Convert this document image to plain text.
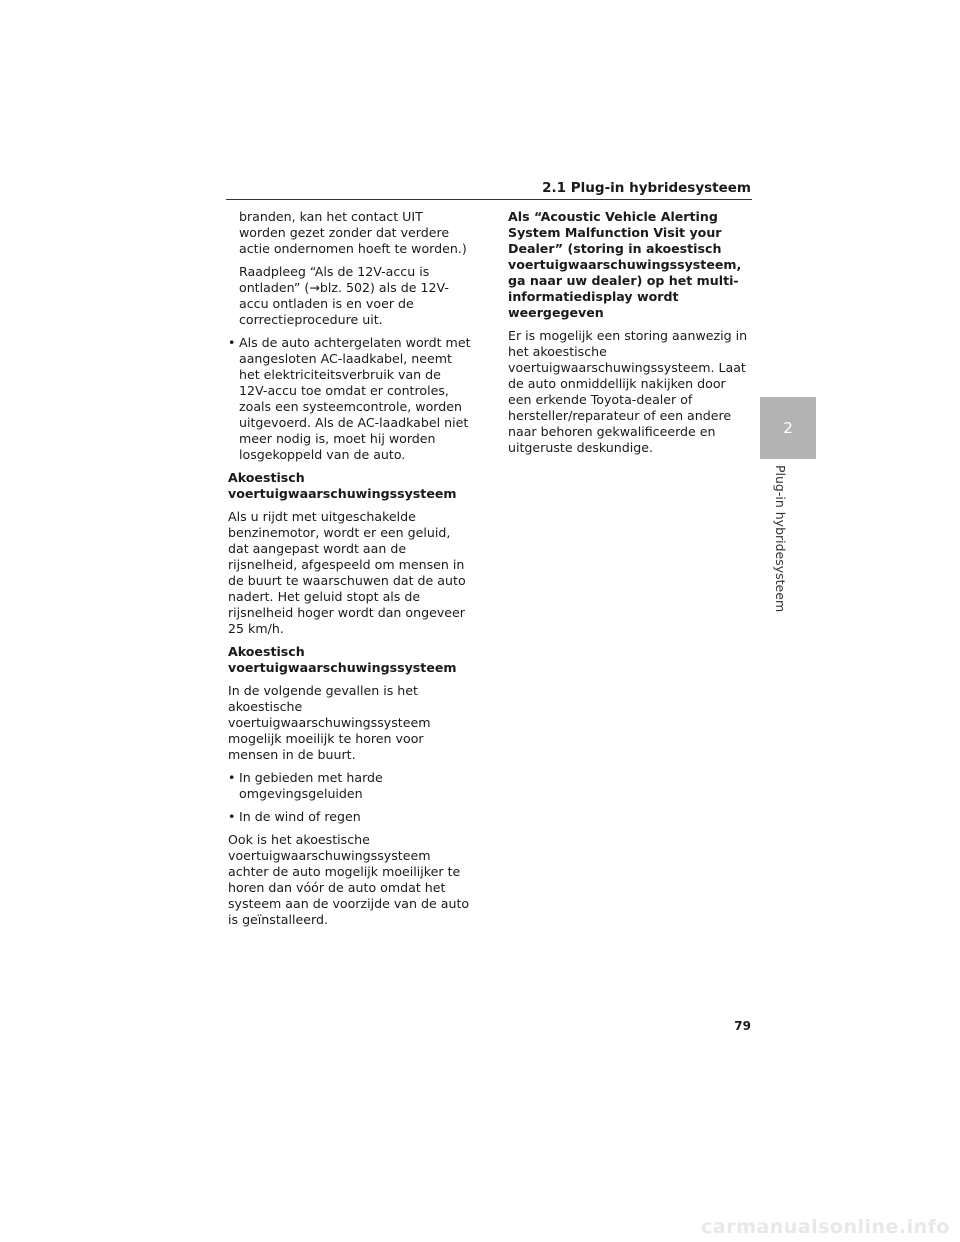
2.1 Plug-in hybridesysteem

branden, kan het contact UIT worden gezet zonder dat verdere actie ondernomen hoeft te worden.)

Raadpleeg “Als de 12V-accu is ontladen” (→blz. 502) als de 12V-accu ontladen is en voer de correctieprocedure uit.

• Als de auto achtergelaten wordt met aangesloten AC-laadkabel, neemt het elektriciteitsverbruik van de 12V-accu toe omdat er controles, zoals een systeemcontrole, worden uitgevoerd. Als de AC-laadkabel niet meer nodig is, moet hij worden losgekoppeld van de auto.

Akoestisch voertuigwaarschuwingssysteem

Als u rijdt met uitgeschakelde benzinemotor, wordt er een geluid, dat aangepast wordt aan de rijsnelheid, afgespeeld om mensen in de buurt te waarschuwen dat de auto nadert. Het geluid stopt als de rijsnelheid hoger wordt dan ongeveer 25 km/h.

Akoestisch voertuigwaarschuwingssysteem

In de volgende gevallen is het akoestische voertuigwaarschuwingssysteem mogelijk moeilijk te horen voor mensen in de buurt.

• In gebieden met harde omgevingsgeluiden
• In de wind of regen

Ook is het akoestische voertuigwaarschuwingssysteem achter de auto mogelijk moeilijker te horen dan vóór de auto omdat het systeem aan de voorzijde van de auto is geïnstalleerd.

Als “Acoustic Vehicle Alerting System Malfunction Visit your Dealer” (storing in akoestisch voertuigwaarschuwingssysteem, ga naar uw dealer) op het multi-informatiedisplay wordt weergegeven

Er is mogelijk een storing aanwezig in het akoestische voertuigwaarschuwingssysteem. Laat de auto onmiddellijk nakijken door een erkende Toyota-dealer of hersteller/reparateur of een andere naar behoren gekwalificeerde en uitgeruste deskundige.

2
Plug-in hybridesysteem
79
carmanualsonline.info
